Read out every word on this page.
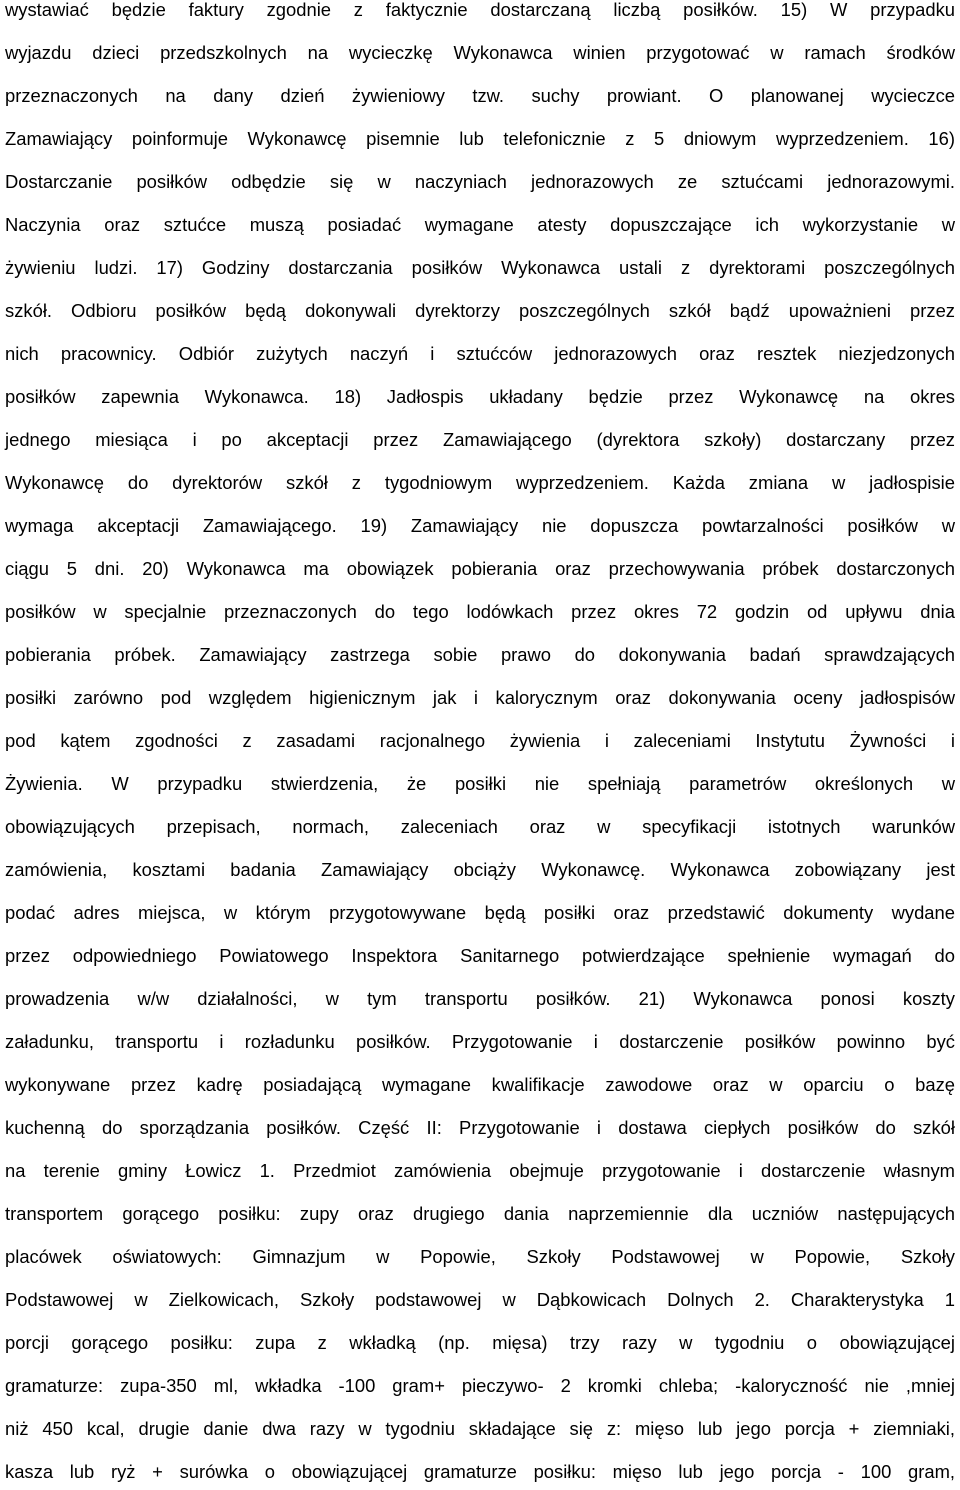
wystawiać będzie faktury zgodnie z faktycznie dostarczaną liczbą posiłków. 15) W przypadku
wyjazdu dzieci przedszkolnych na wycieczkę Wykonawca winien przygotować w ramach środków
przeznaczonych na dany dzień żywieniowy tzw. suchy prowiant. O planowanej wycieczce
Zamawiający poinformuje Wykonawcę pisemnie lub telefonicznie z 5 dniowym wyprzedzeniem. 16)
Dostarczanie posiłków odbędzie się w naczyniach jednorazowych ze sztućcami jednorazowymi.
Naczynia oraz sztućce muszą posiadać wymagane atesty dopuszczające ich wykorzystanie w
żywieniu ludzi. 17) Godziny dostarczania posiłków Wykonawca ustali z dyrektorami poszczególnych
szkół. Odbioru posiłków będą dokonywali dyrektorzy poszczególnych szkół bądź upoważnieni przez
nich pracownicy. Odbiór zużytych naczyń i sztućców jednorazowych oraz resztek niezjedzonych
posiłków zapewnia Wykonawca. 18) Jadłospis układany będzie przez Wykonawcę na okres
jednego miesiąca i po akceptacji przez Zamawiającego (dyrektora szkoły) dostarczany przez
Wykonawcę do dyrektorów szkół z tygodniowym wyprzedzeniem. Każda zmiana w jadłospisie
wymaga akceptacji Zamawiającego. 19) Zamawiający nie dopuszcza powtarzalności posiłków w
ciągu 5 dni. 20) Wykonawca ma obowiązek pobierania oraz przechowywania próbek dostarczonych
posiłków w specjalnie przeznaczonych do tego lodówkach przez okres 72 godzin od upływu dnia
pobierania próbek. Zamawiający zastrzega sobie prawo do dokonywania badań sprawdzających
posiłki zarówno pod względem higienicznym jak i kalorycznym oraz dokonywania oceny jadłospisów
pod kątem zgodności z zasadami racjonalnego żywienia i zaleceniami Instytutu Żywności i
Żywienia. W przypadku stwierdzenia, że posiłki nie spełniają parametrów określonych w
obowiązujących przepisach, normach, zaleceniach oraz w specyfikacji istotnych warunków
zamówienia, kosztami badania Zamawiający obciąży Wykonawcę. Wykonawca zobowiązany jest
podać adres miejsca, w którym przygotowywane będą posiłki oraz przedstawić dokumenty wydane
przez odpowiedniego Powiatowego Inspektora Sanitarnego potwierdzające spełnienie wymagań do
prowadzenia w/w działalności, w tym transportu posiłków. 21) Wykonawca ponosi koszty
załadunku, transportu i rozładunku posiłków. Przygotowanie i dostarczenie posiłków powinno być
wykonywane przez kadrę posiadającą wymagane kwalifikacje zawodowe oraz w oparciu o bazę
kuchenną do sporządzania posiłków. Część II: Przygotowanie i dostawa ciepłych posiłków do szkół
na terenie gminy Łowicz 1. Przedmiot zamówienia obejmuje przygotowanie i dostarczenie własnym
transportem gorącego posiłku: zupy oraz drugiego dania naprzemiennie dla uczniów następujących
placówek oświatowych: Gimnazjum w Popowie, Szkoły Podstawowej w Popowie, Szkoły
Podstawowej w Zielkowicach, Szkoły podstawowej w Dąbkowicach Dolnych 2. Charakterystyka 1
porcji gorącego posiłku: zupa z wkładką (np. mięsa) trzy razy w tygodniu o obowiązującej
gramaturze: zupa-350 ml, wkładka -100 gram+ pieczywo- 2 kromki chleba; -kaloryczność nie ,mniej
niż 450 kcal, drugie danie dwa razy w tygodniu składające się z: mięso lub jego porcja + ziemniaki,
kasza lub ryż + surówka o obowiązującej gramaturze posiłku: mięso lub jego porcja - 100 gram,
